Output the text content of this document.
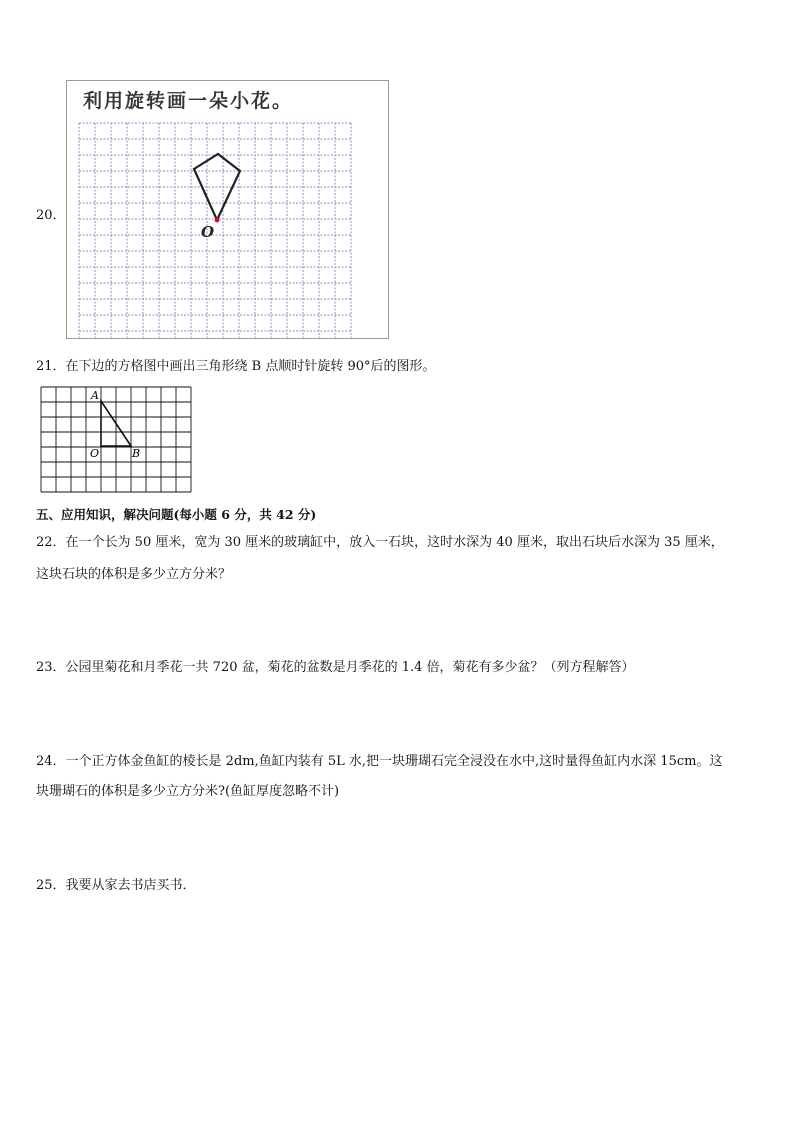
20．
利用旋转画一朵小花。
O
21．在下边的方格图中画出三角形绕 B 点顺时针旋转 90°后的图形。
A
O	B
五、应用知识，解决问题(每小题 6 分，共 42 分)
22．在一个长为 50 厘米，宽为 30 厘米的玻璃缸中，放入一石块，这时水深为 40 厘米，取出石块后水深为 35 厘米，
这块石块的体积是多少立方分米？
23．公园里菊花和月季花一共 720 盆，菊花的盆数是月季花的 1.4 倍，菊花有多少盆？（列方程解答）
24．一个正方体金鱼缸的棱长是 2dm,鱼缸内装有 5L 水,把一块珊瑚石完全浸没在水中,这时量得鱼缸内水深 15cm。这
块珊瑚石的体积是多少立方分米?(鱼缸厚度忽略不计)
25．我要从家去书店买书．
